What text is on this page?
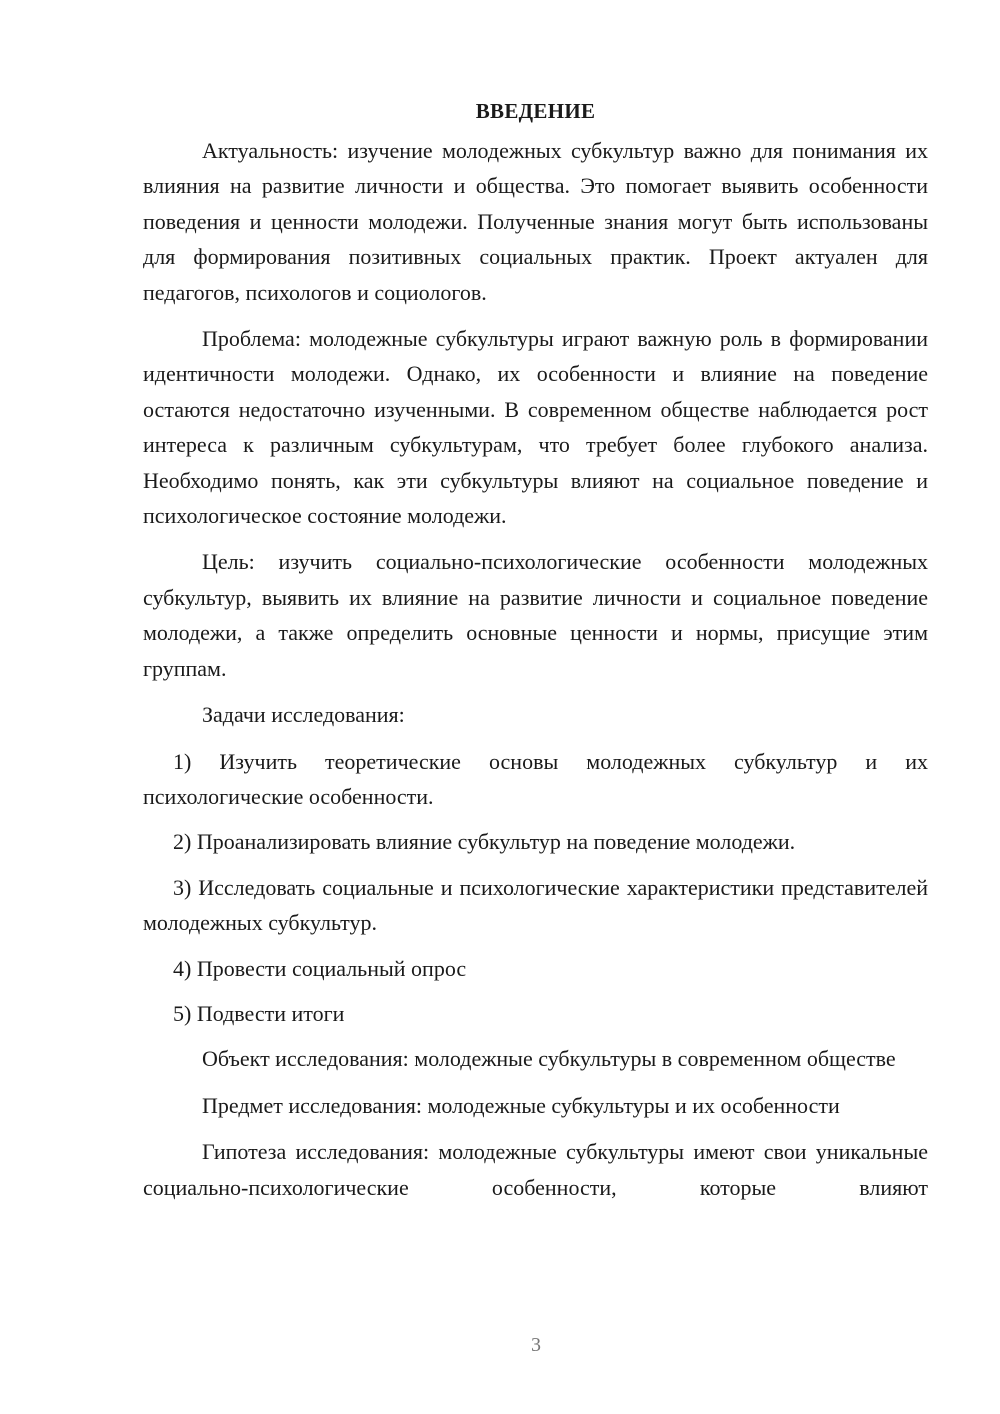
ВВЕДЕНИЕ

Актуальность: изучение молодежных субкультур важно для понимания их влияния на развитие личности и общества. Это помогает выявить особенности поведения и ценности молодежи. Полученные знания могут быть использованы для формирования позитивных социальных практик. Проект актуален для педагогов, психологов и социологов.

Проблема: молодежные субкультуры играют важную роль в формировании идентичности молодежи. Однако, их особенности и влияние на поведение остаются недостаточно изученными. В современном обществе наблюдается рост интереса к различным субкультурам, что требует более глубокого анализа. Необходимо понять, как эти субкультуры влияют на социальное поведение и психологическое состояние молодежи.

Цель: изучить социально-психологические особенности молодежных субкультур, выявить их влияние на развитие личности и социальное поведение молодежи, а также определить основные ценности и нормы, присущие этим группам.

Задачи исследования:

1) Изучить теоретические основы молодежных субкультур и их психологические особенности.

2) Проанализировать влияние субкультур на поведение молодежи.

3) Исследовать социальные и психологические характеристики представителей молодежных субкультур.

4) Провести социальный опрос

5) Подвести итоги

Объект исследования: молодежные субкультуры в современном обществе

Предмет исследования: молодежные субкультуры и их особенности

Гипотеза исследования: молодежные субкультуры имеют свои уникальные социально-психологические особенности, которые влияют

3
